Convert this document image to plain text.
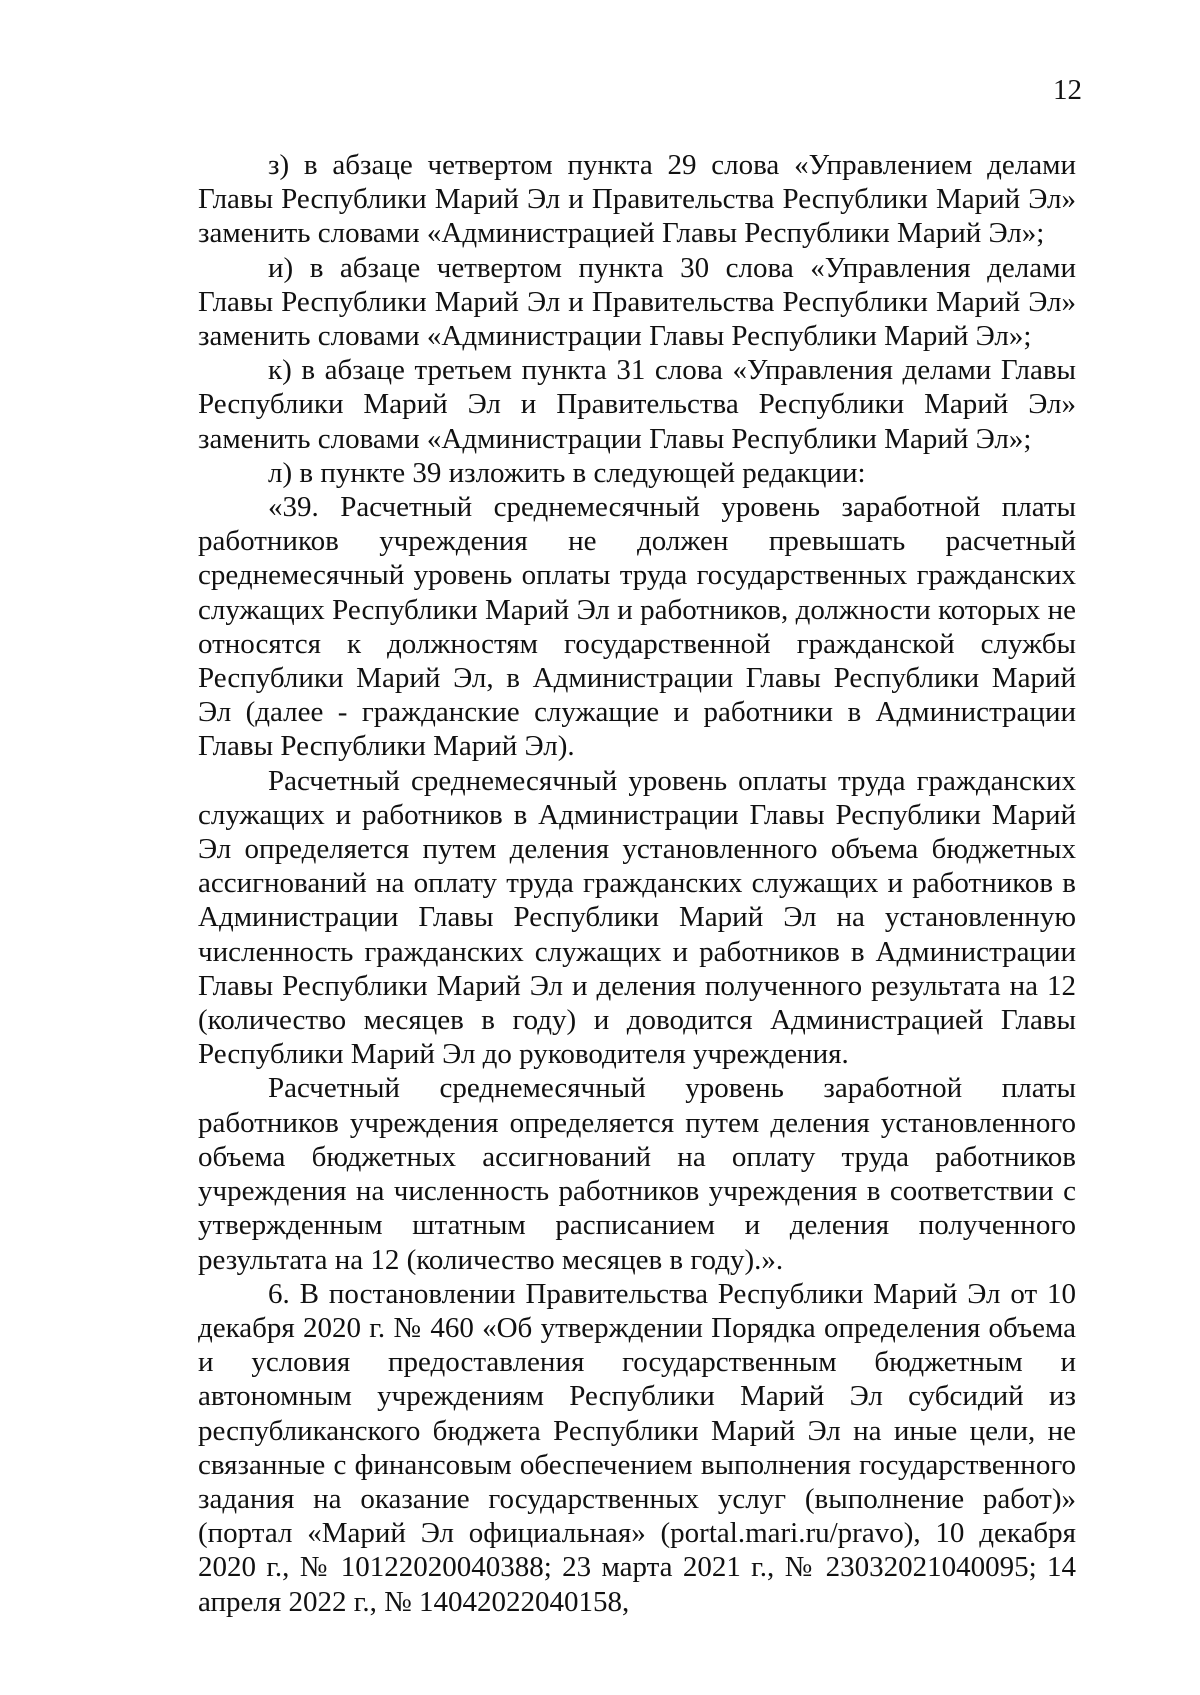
12

з) в абзаце четвертом пункта 29 слова «Управлением делами Главы Республики Марий Эл и Правительства Республики Марий Эл» заменить словами «Администрацией Главы Республики Марий Эл»;

и) в абзаце четвертом пункта 30 слова «Управления делами Главы Республики Марий Эл и Правительства Республики Марий Эл» заменить словами «Администрации Главы Республики Марий Эл»;

к) в абзаце третьем пункта 31 слова «Управления делами Главы Республики Марий Эл и Правительства Республики Марий Эл» заменить словами «Администрации Главы Республики Марий Эл»;

л) в пункте 39 изложить в следующей редакции:

«39. Расчетный среднемесячный уровень заработной платы работников учреждения не должен превышать расчетный среднемесячный уровень оплаты труда государственных гражданских служащих Республики Марий Эл и работников, должности которых не относятся к должностям государственной гражданской службы Республики Марий Эл, в Администрации Главы Республики Марий Эл (далее - гражданские служащие и работники в Администрации Главы Республики Марий Эл).

Расчетный среднемесячный уровень оплаты труда гражданских служащих и работников в Администрации Главы Республики Марий Эл определяется путем деления установленного объема бюджетных ассигнований на оплату труда гражданских служащих и работников в Администрации Главы Республики Марий Эл на установленную численность гражданских служащих и работников в Администрации Главы Республики Марий Эл и деления полученного результата на 12 (количество месяцев в году) и доводится Администрацией Главы Республики Марий Эл до руководителя учреждения.

Расчетный среднемесячный уровень заработной платы работников учреждения определяется путем деления установленного объема бюджетных ассигнований на оплату труда работников учреждения на численность работников учреждения в соответствии с утвержденным штатным расписанием и деления полученного результата на 12 (количество месяцев в году).».

6. В постановлении Правительства Республики Марий Эл от 10 декабря 2020 г. № 460 «Об утверждении Порядка определения объема и условия предоставления государственным бюджетным и автономным учреждениям Республики Марий Эл субсидий из республиканского бюджета Республики Марий Эл на иные цели, не связанные с финансовым обеспечением выполнения государственного задания на оказание государственных услуг (выполнение работ)» (портал «Марий Эл официальная» (portal.mari.ru/pravo), 10 декабря 2020 г., № 10122020040388; 23 марта 2021 г., № 23032021040095; 14 апреля 2022 г., № 14042022040158,
